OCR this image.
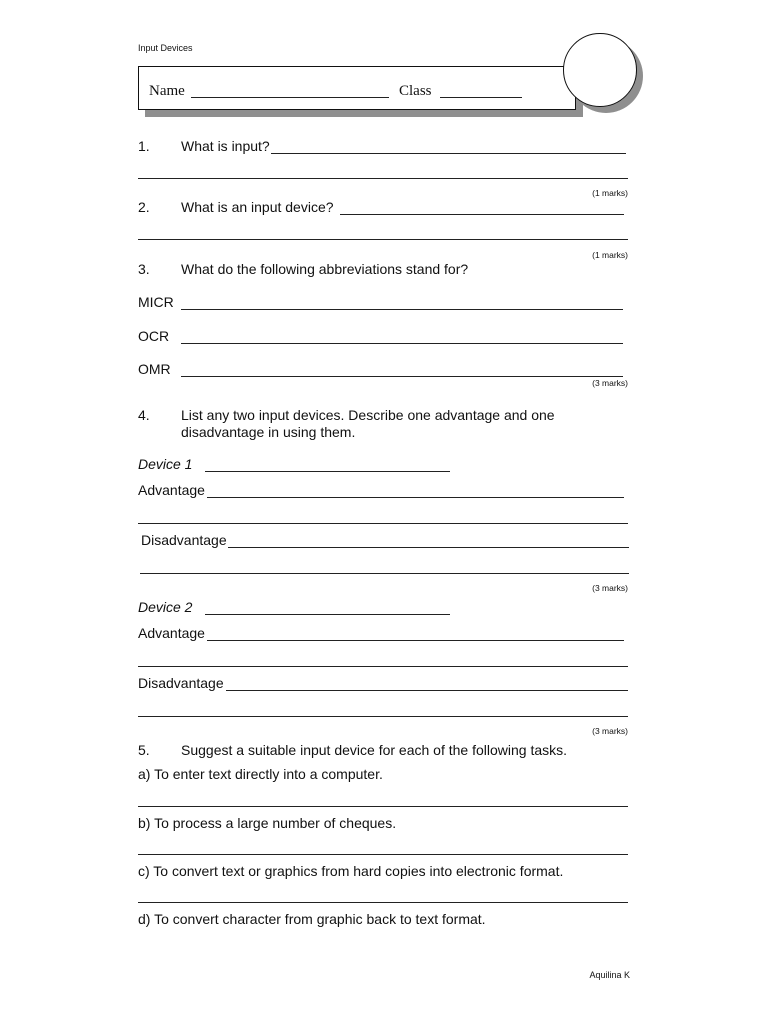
Input Devices
Name	Class
1. What is input?
(1 marks)
2. What is an input device?
(1 marks)
3. What do the following abbreviations stand for?
MICR
OCR
OMR
(3 marks)
4. List any two input devices. Describe one advantage and one
disadvantage in using them.
Device 1
Advantage
Disadvantage
(3 marks)
Device 2
Advantage
Disadvantage
(3 marks)
5. Suggest a suitable input device for each of the following tasks.
a) To enter text directly into a computer.
b) To process a large number of cheques.
c) To convert text or graphics from hard copies into electronic format.
d) To convert character from graphic back to text format.
Aquilina K
